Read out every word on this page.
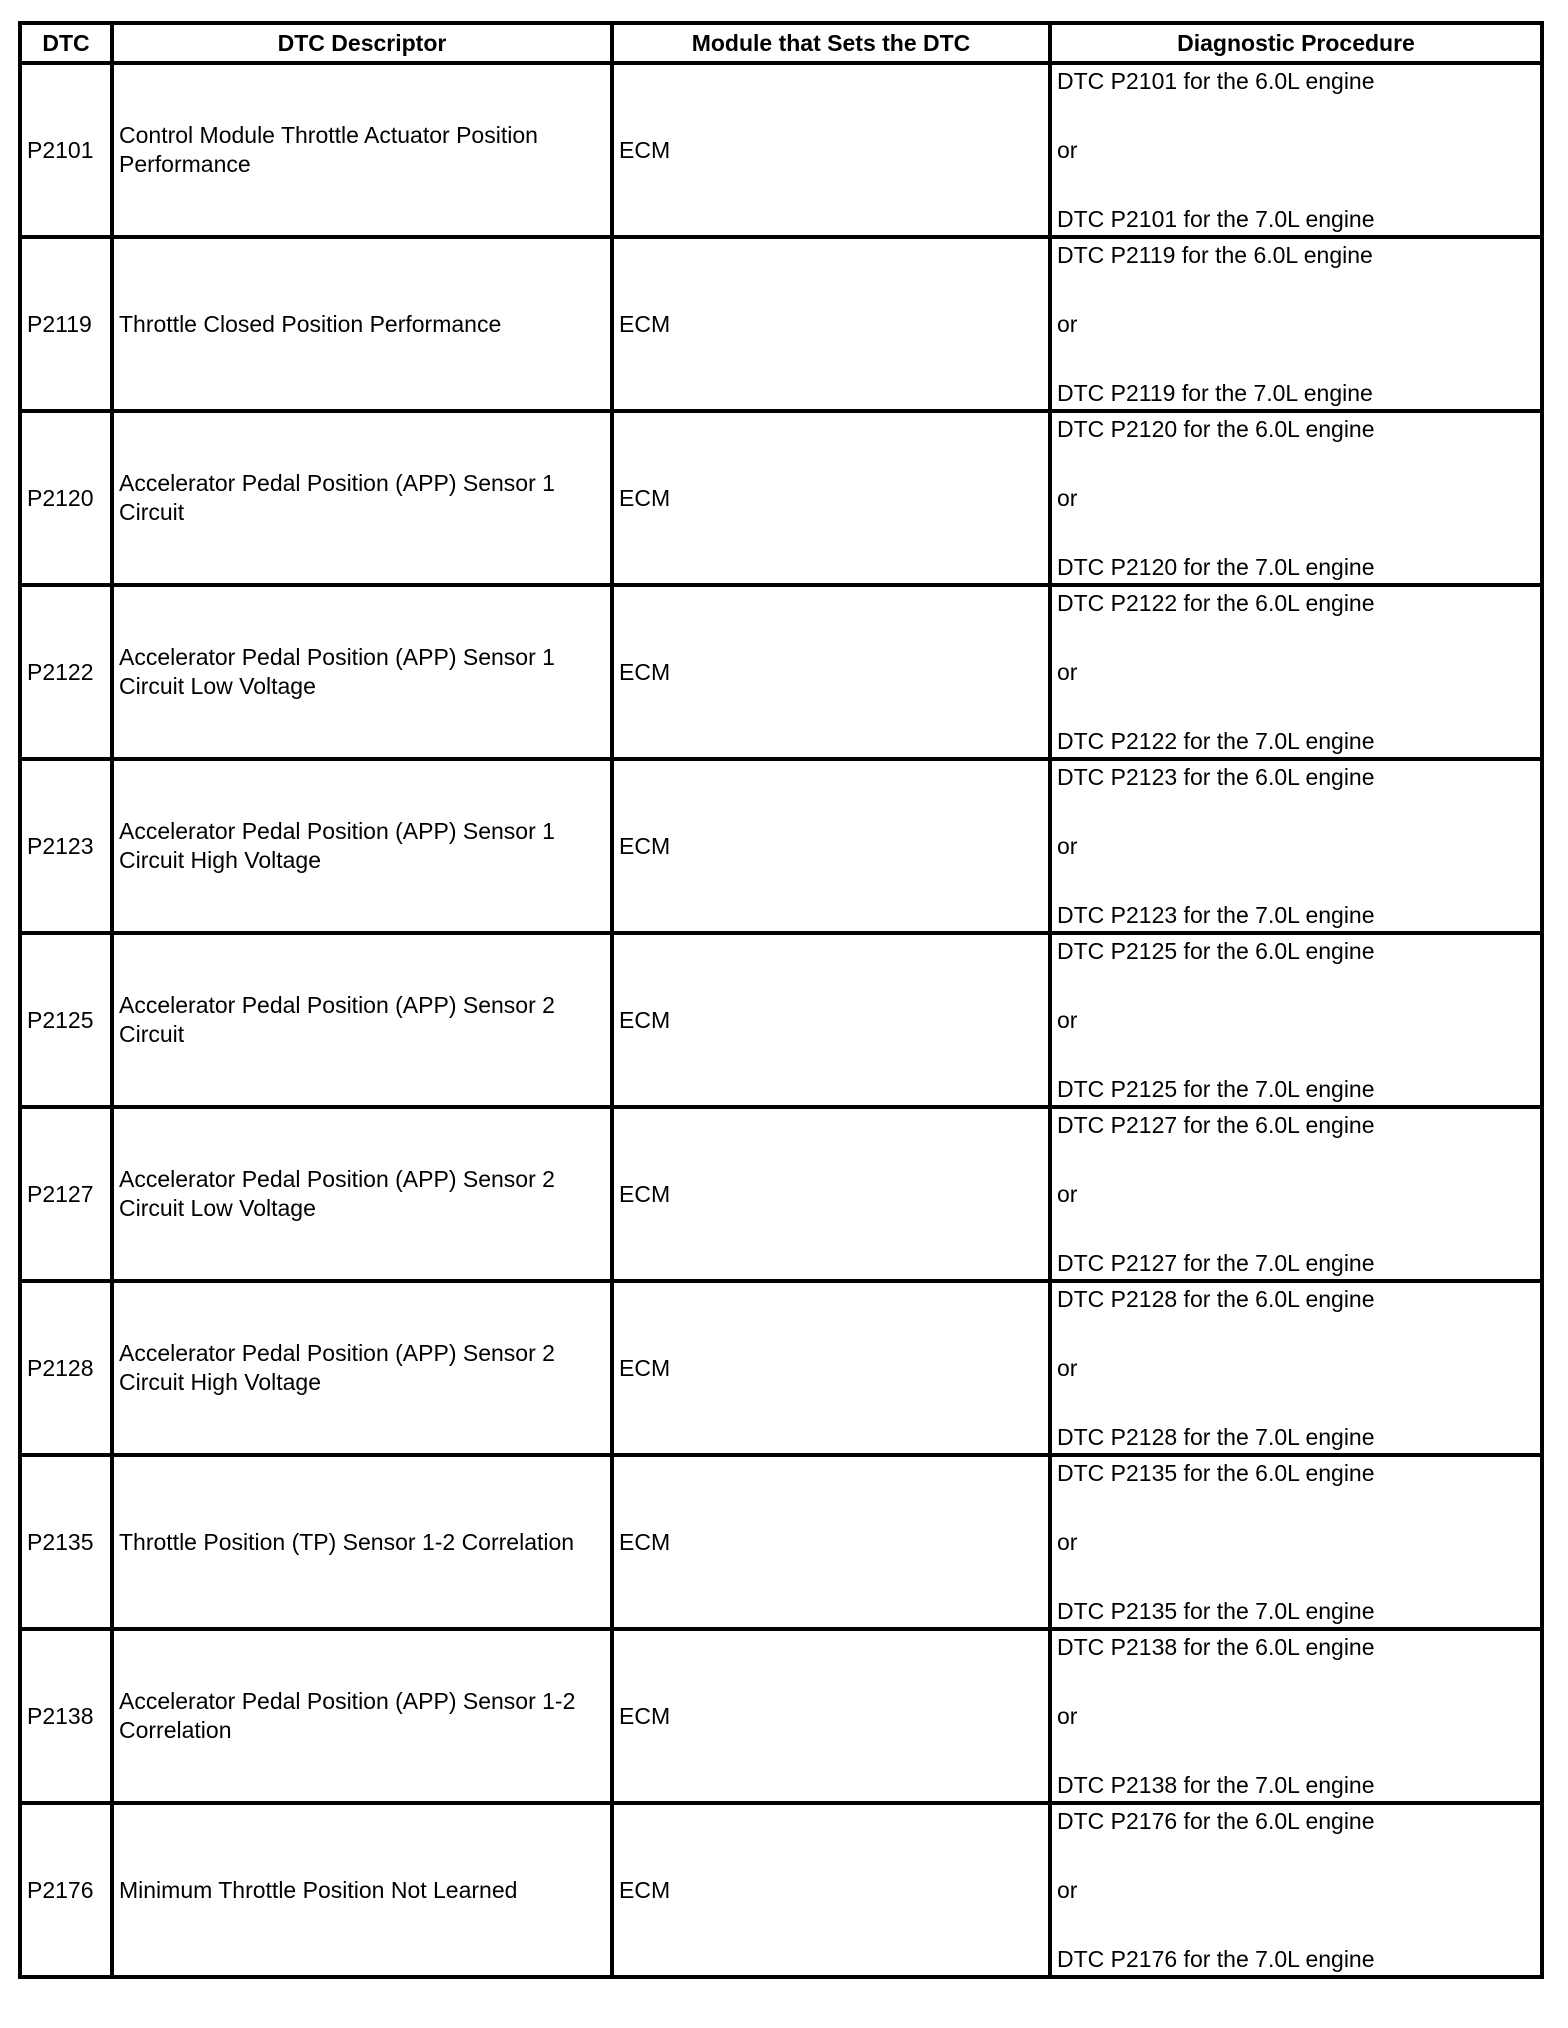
DTC	DTC Descriptor	Module that Sets the DTC	Diagnostic Procedure
P2101	Control Module Throttle Actuator Position Performance	ECM	DTC P2101 for the 6.0L engine
or
DTC P2101 for the 7.0L engine

P2119	Throttle Closed Position Performance	ECM	DTC P2119 for the 6.0L engine
or
DTC P2119 for the 7.0L engine

P2120	Accelerator Pedal Position (APP) Sensor 1 Circuit	ECM	DTC P2120 for the 6.0L engine
or
DTC P2120 for the 7.0L engine

P2122	Accelerator Pedal Position (APP) Sensor 1 Circuit Low Voltage	ECM	DTC P2122 for the 6.0L engine
or
DTC P2122 for the 7.0L engine

P2123	Accelerator Pedal Position (APP) Sensor 1 Circuit High Voltage	ECM	DTC P2123 for the 6.0L engine
or
DTC P2123 for the 7.0L engine

P2125	Accelerator Pedal Position (APP) Sensor 2 Circuit	ECM	DTC P2125 for the 6.0L engine
or
DTC P2125 for the 7.0L engine

P2127	Accelerator Pedal Position (APP) Sensor 2 Circuit Low Voltage	ECM	DTC P2127 for the 6.0L engine
or
DTC P2127 for the 7.0L engine

P2128	Accelerator Pedal Position (APP) Sensor 2 Circuit High Voltage	ECM	DTC P2128 for the 6.0L engine
or
DTC P2128 for the 7.0L engine

P2135	Throttle Position (TP) Sensor 1-2 Correlation	ECM	DTC P2135 for the 6.0L engine
or
DTC P2135 for the 7.0L engine

P2138	Accelerator Pedal Position (APP) Sensor 1-2 Correlation	ECM	DTC P2138 for the 6.0L engine
or
DTC P2138 for the 7.0L engine

P2176	Minimum Throttle Position Not Learned	ECM	DTC P2176 for the 6.0L engine
or
DTC P2176 for the 7.0L engine
